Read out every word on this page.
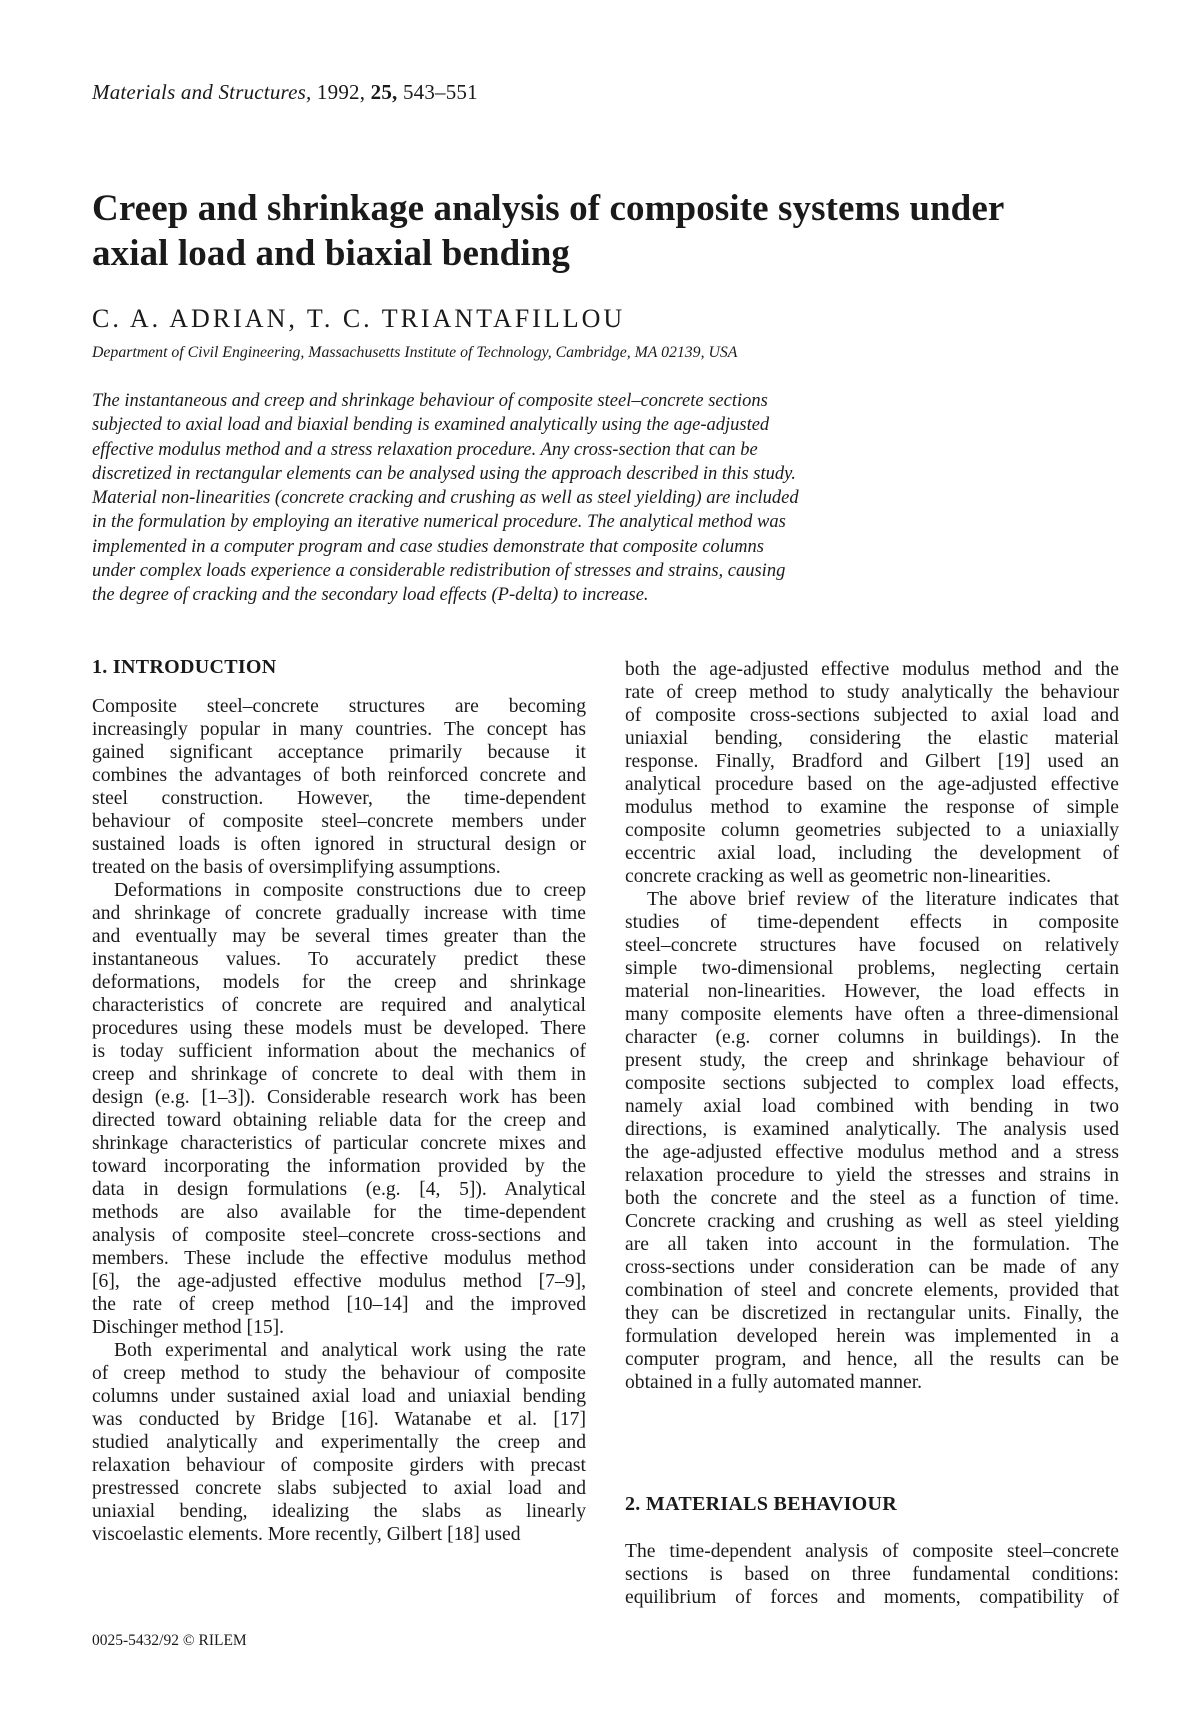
Materials and Structures, 1992, 25, 543–551
Creep and shrinkage analysis of composite systems under
axial load and biaxial bending
C. A. ADRIAN, T. C. TRIANTAFILLOU
Department of Civil Engineering, Massachusetts Institute of Technology, Cambridge, MA 02139, USA
The instantaneous and creep and shrinkage behaviour of composite steel–concrete sections
subjected to axial load and biaxial bending is examined analytically using the age-adjusted
effective modulus method and a stress relaxation procedure. Any cross-section that can be
discretized in rectangular elements can be analysed using the approach described in this study.
Material non-linearities (concrete cracking and crushing as well as steel yielding) are included
in the formulation by employing an iterative numerical procedure. The analytical method was
implemented in a computer program and case studies demonstrate that composite columns
under complex loads experience a considerable redistribution of stresses and strains, causing
the degree of cracking and the secondary load effects (P-delta) to increase.
1. INTRODUCTION
Composite steel–concrete structures are becoming
increasingly popular in many countries. The concept has
gained significant acceptance primarily because it
combines the advantages of both reinforced concrete and
steel construction. However, the time-dependent
behaviour of composite steel–concrete members under
sustained loads is often ignored in structural design or
treated on the basis of oversimplifying assumptions.
Deformations in composite constructions due to creep
and shrinkage of concrete gradually increase with time
and eventually may be several times greater than the
instantaneous values. To accurately predict these
deformations, models for the creep and shrinkage
characteristics of concrete are required and analytical
procedures using these models must be developed. There
is today sufficient information about the mechanics of
creep and shrinkage of concrete to deal with them in
design (e.g. [1–3]). Considerable research work has been
directed toward obtaining reliable data for the creep and
shrinkage characteristics of particular concrete mixes and
toward incorporating the information provided by the
data in design formulations (e.g. [4, 5]). Analytical
methods are also available for the time-dependent
analysis of composite steel–concrete cross-sections and
members. These include the effective modulus method
[6], the age-adjusted effective modulus method [7–9],
the rate of creep method [10–14] and the improved
Dischinger method [15].
Both experimental and analytical work using the rate
of creep method to study the behaviour of composite
columns under sustained axial load and uniaxial bending
was conducted by Bridge [16]. Watanabe et al. [17]
studied analytically and experimentally the creep and
relaxation behaviour of composite girders with precast
prestressed concrete slabs subjected to axial load and
uniaxial bending, idealizing the slabs as linearly
viscoelastic elements. More recently, Gilbert [18] used
both the age-adjusted effective modulus method and the
rate of creep method to study analytically the behaviour
of composite cross-sections subjected to axial load and
uniaxial bending, considering the elastic material
response. Finally, Bradford and Gilbert [19] used an
analytical procedure based on the age-adjusted effective
modulus method to examine the response of simple
composite column geometries subjected to a uniaxially
eccentric axial load, including the development of
concrete cracking as well as geometric non-linearities.
The above brief review of the literature indicates that
studies of time-dependent effects in composite
steel–concrete structures have focused on relatively
simple two-dimensional problems, neglecting certain
material non-linearities. However, the load effects in
many composite elements have often a three-dimensional
character (e.g. corner columns in buildings). In the
present study, the creep and shrinkage behaviour of
composite sections subjected to complex load effects,
namely axial load combined with bending in two
directions, is examined analytically. The analysis used
the age-adjusted effective modulus method and a stress
relaxation procedure to yield the stresses and strains in
both the concrete and the steel as a function of time.
Concrete cracking and crushing as well as steel yielding
are all taken into account in the formulation. The
cross-sections under consideration can be made of any
combination of steel and concrete elements, provided that
they can be discretized in rectangular units. Finally, the
formulation developed herein was implemented in a
computer program, and hence, all the results can be
obtained in a fully automated manner.
2. MATERIALS BEHAVIOUR
The time-dependent analysis of composite steel–concrete
sections is based on three fundamental conditions:
equilibrium of forces and moments, compatibility of
0025-5432/92 © RILEM
